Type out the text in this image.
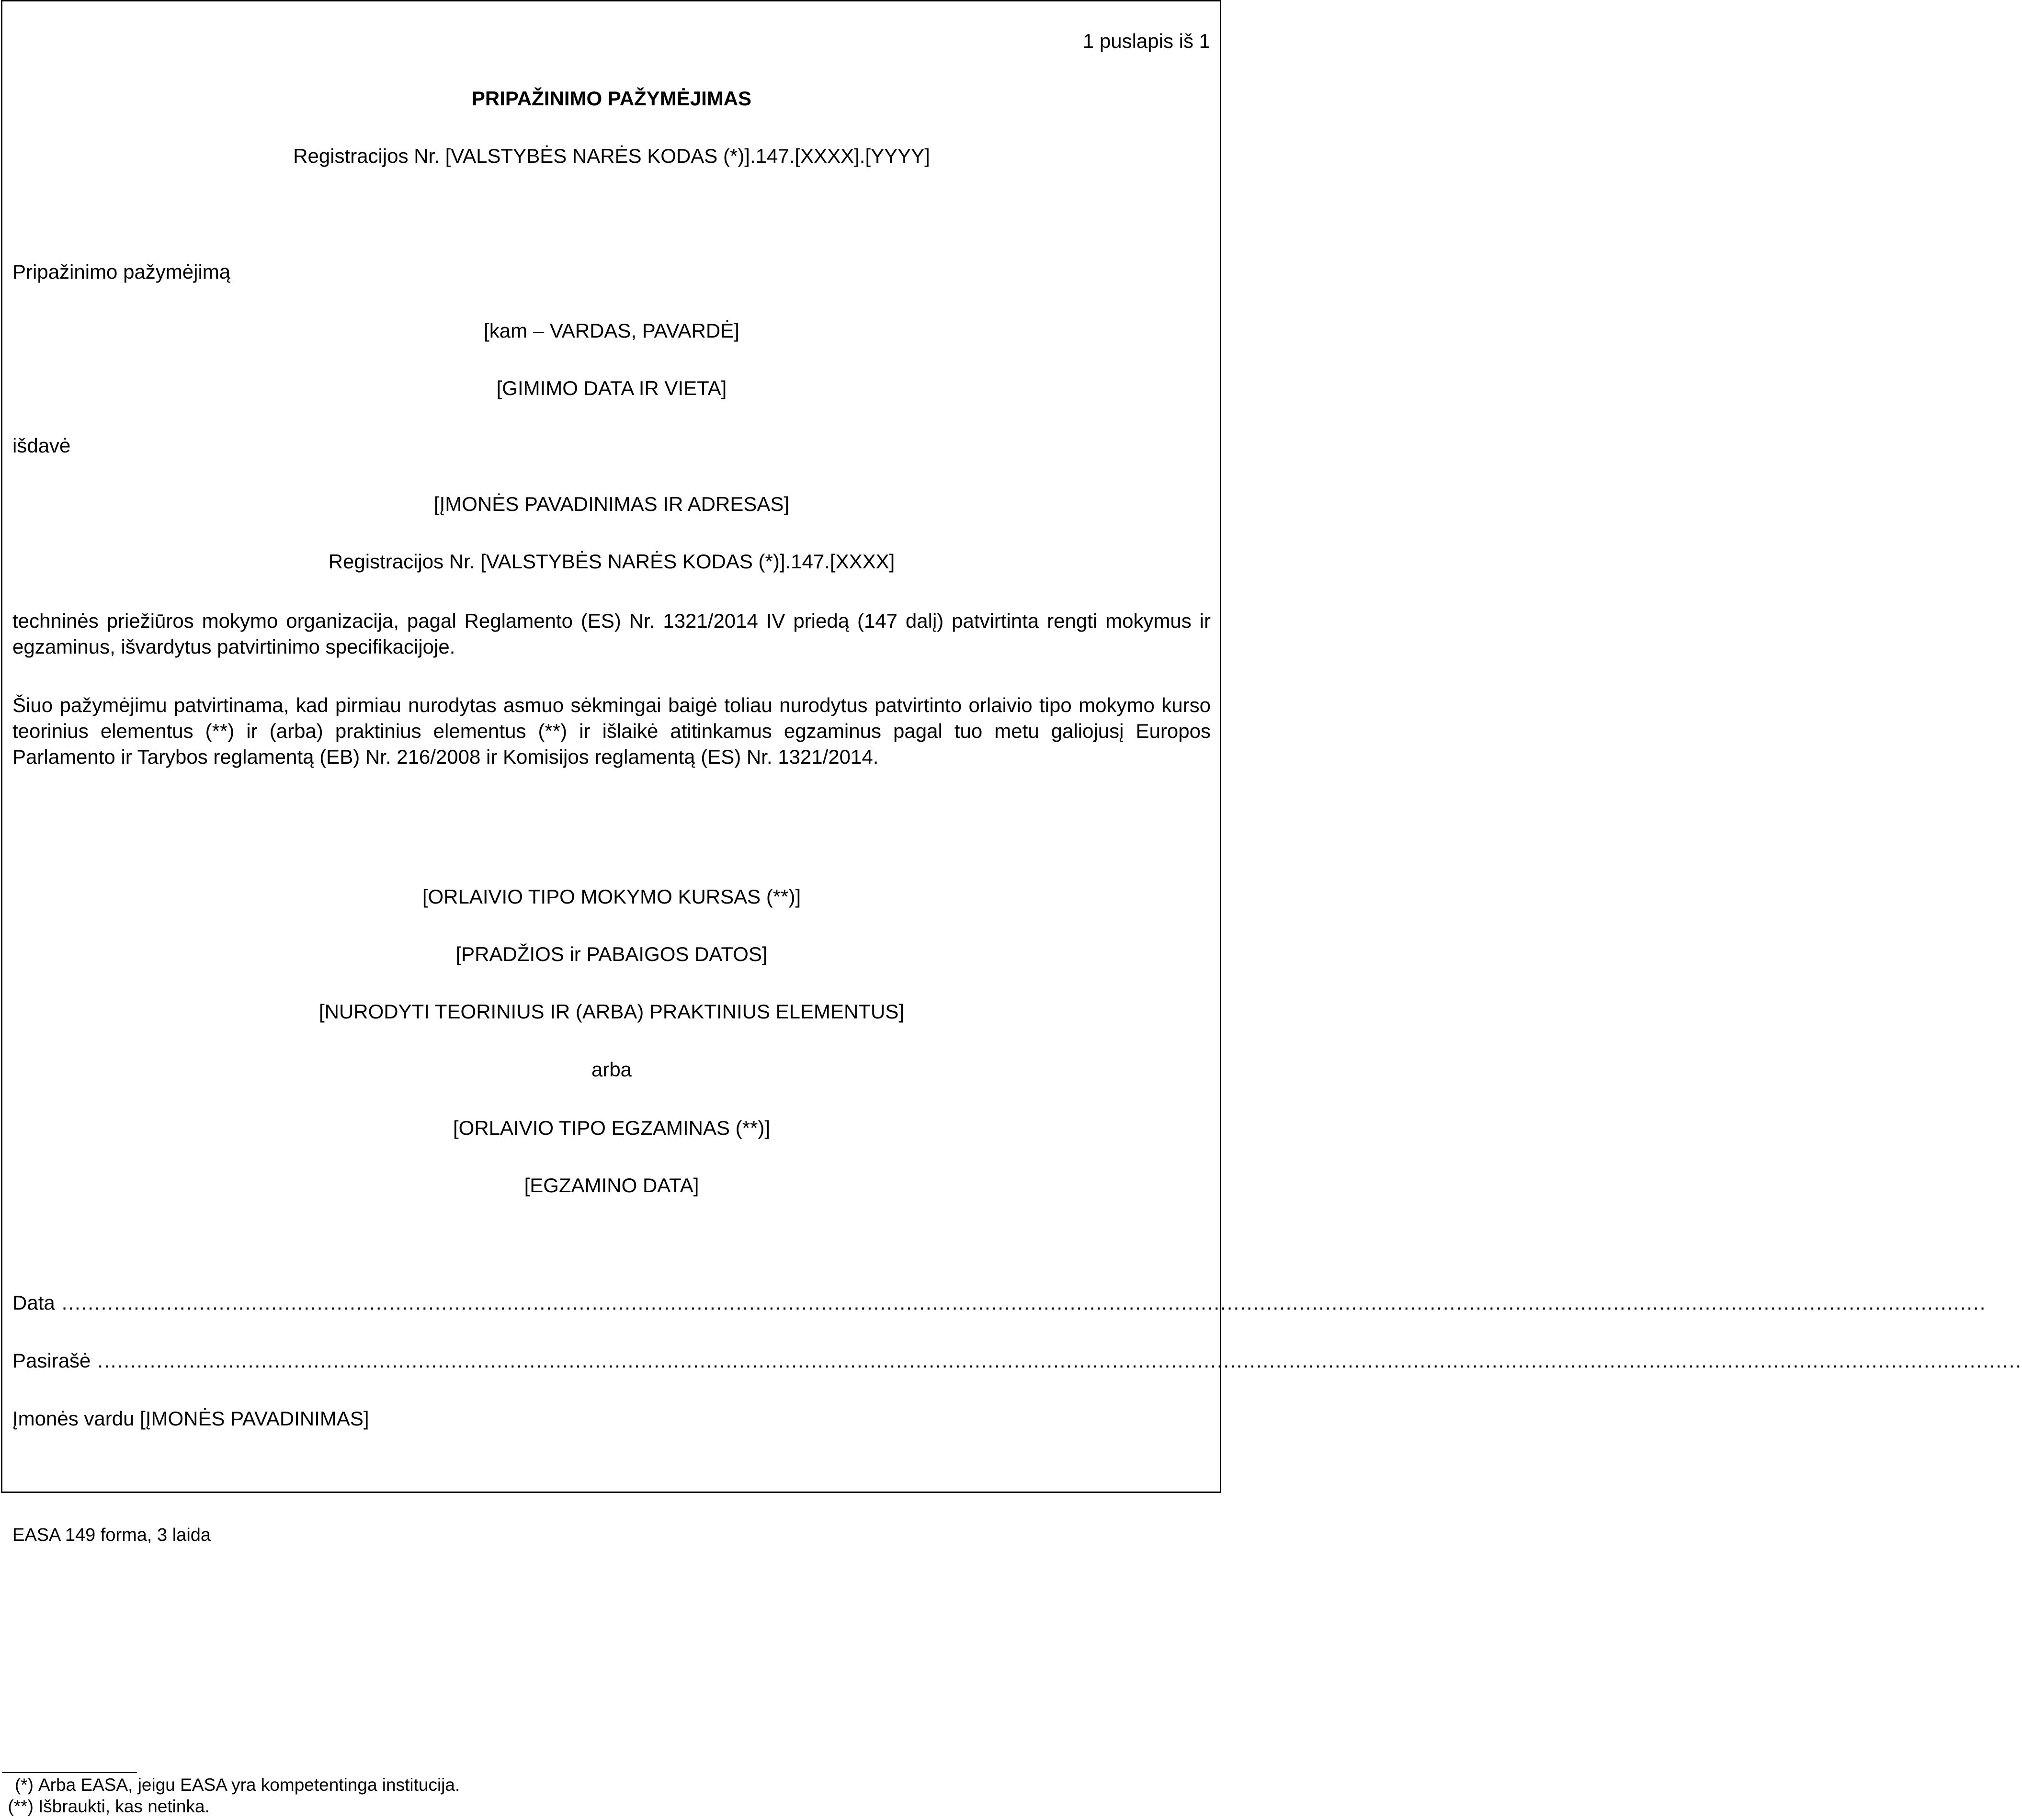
1 puslapis iš 1
PRIPAŽINIMO PAŽYMĖJIMAS
Registracijos Nr. [VALSTYBĖS NARĖS KODAS (*)].147.[XXXX].[YYYY]
Pripažinimo pažymėjimą
[kam – VARDAS, PAVARDĖ]
[GIMIMO DATA IR VIETA]
išdavė
[ĮMONĖS PAVADINIMAS IR ADRESAS]
Registracijos Nr. [VALSTYBĖS NARĖS KODAS (*)].147.[XXXX]
techninės priežiūros mokymo organizacija, pagal Reglamento (ES) Nr. 1321/2014 IV priedą (147 dalį) patvirtinta rengti mokymus ir egzaminus, išvardytus patvirtinimo specifikacijoje.
Šiuo pažymėjimu patvirtinama, kad pirmiau nurodytas asmuo sėkmingai baigė toliau nurodytus patvirtinto orlaivio tipo mokymo kurso teorinius elementus (**) ir (arba) praktinius elementus (**) ir išlaikė atitinkamus egzaminus pagal tuo metu galiojusį Europos Parlamento ir Tarybos reglamentą (EB) Nr. 216/2008 ir Komisijos reglamentą (ES) Nr. 1321/2014.
[ORLAIVIO TIPO MOKYMO KURSAS (**)]
[PRADŽIOS ir PABAIGOS DATOS]
[NURODYTI TEORINIUS IR (ARBA) PRAKTINIUS ELEMENTUS]
arba
[ORLAIVIO TIPO EGZAMINAS (**)]
[EGZAMINO DATA]
Data ......................................................................................................................................................................................................................................................................................................
Pasirašė ......................................................................................................................................................................................................................................................................................................
Įmonės vardu [ĮMONĖS PAVADINIMAS]
EASA 149 forma, 3 laida
(*) Arba EASA, jeigu EASA yra kompetentinga institucija.
(**) Išbraukti, kas netinka.
